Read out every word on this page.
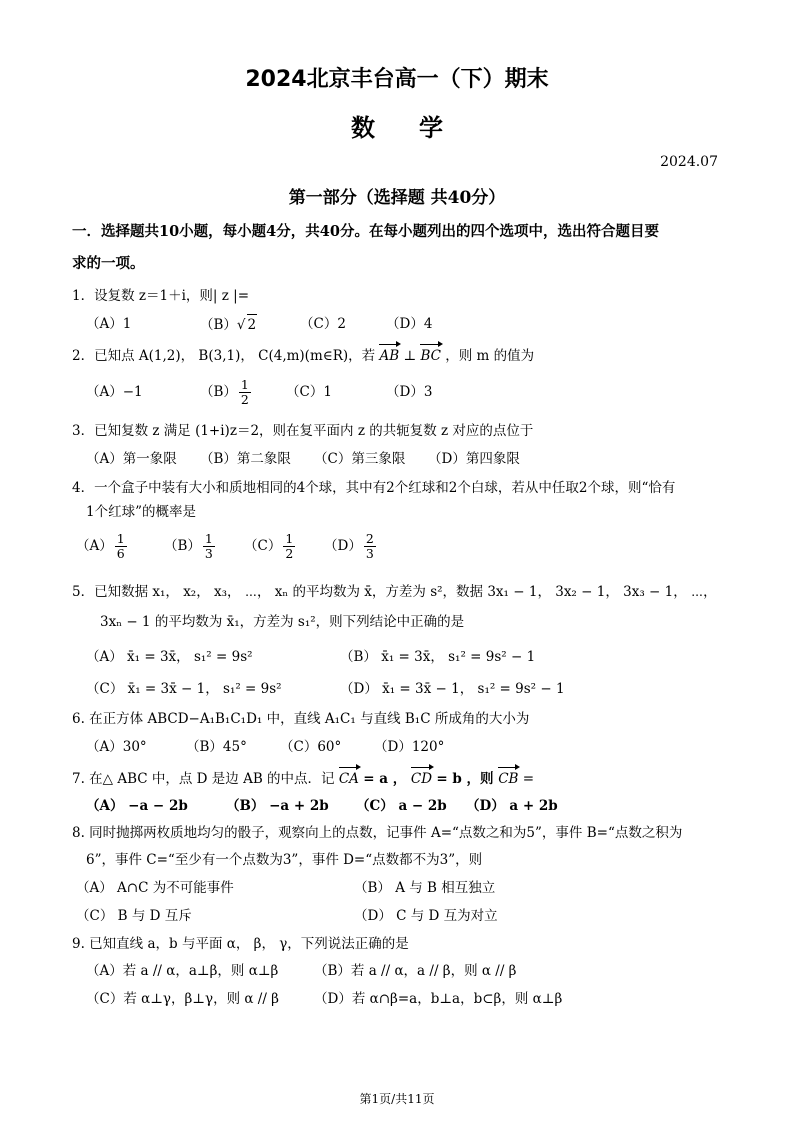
2024北京丰台高一（下）期末
数学
2024.07
第一部分（选择题 共40分）
一．选择题共10小题，每小题4分，共40分。在每小题列出的四个选项中，选出符合题目要
求的一项。
1．设复数 z＝1＋i，则| z |=
（A）1	（B）√ 2	（C）2	（D）4
2．已知点 A(1,2)， B(3,1)， C(4,m)(m∈R)，若 AB ⊥ BC ，则 m 的值为
（A）−1	$(B) \frac{1}{2}$	（C）1	（D）3
3．已知复数 z 满足 (1+i)z＝2，则在复平面内 z 的共轭复数 z 对应的点位于
（A）第一象限 （B）第二象限 （C）第三象限 （D）第四象限
4．一个盒子中装有大小和质地相同的4个球，其中有2个红球和2个白球，若从中任取2个球，则“恰有
1个红球”的概率是
$(A) \frac{1}{6}$	$(B) \frac{1}{3} (C) \frac{1}{2} (D) \frac{2}{3}$
5．已知数据 x₁， x₂， x₃， ⋯， xₙ 的平均数为 x̄，方差为 s²，数据 3x₁ − 1， 3x₂ − 1， 3x₃ − 1， ⋯，
3xₙ − 1 的平均数为 x̄₁，方差为 s₁²，则下列结论中正确的是
（A） x̄₁ = 3x̄， s₁² = 9s²	（B） x̄₁ = 3x̄， s₁² = 9s² − 1
（C） x̄₁ = 3x̄ − 1， s₁² = 9s²	（D） x̄₁ = 3x̄ − 1， s₁² = 9s² − 1
6. 在正方体 ABCD−A₁B₁C₁D₁ 中，直线 A₁C₁ 与直线 B₁C 所成角的大小为
（A）30°	（B）45° （C）60° （D）120°
7. 在△ ABC 中，点 D 是边 AB 的中点．记 CA = a ， CD = b ，则 CB =
（A） −a − 2b	（B） −a + 2b （C） a − 2b （D） a + 2b
8. 同时抛掷两枚质地均匀的骰子，观察向上的点数，记事件 A=“点数之和为5”，事件 B=“点数之积为
6”，事件 C=“至少有一个点数为3”，事件 D=“点数都不为3”，则
（A） A∩C 为不可能事件	（B） A 与 B 相互独立
（C） B 与 D 互斥	（D） C 与 D 互为对立
9. 已知直线 a，b 与平面 α， β， γ，下列说法正确的是
（A）若 a // α，a⊥β，则 α⊥β	（B）若 a // α，a // β，则 α // β
（C）若 α⊥γ，β⊥γ，则 α // β	（D）若 α∩β=a，b⊥a，b⊂β，则 α⊥β
第1页/共11页
